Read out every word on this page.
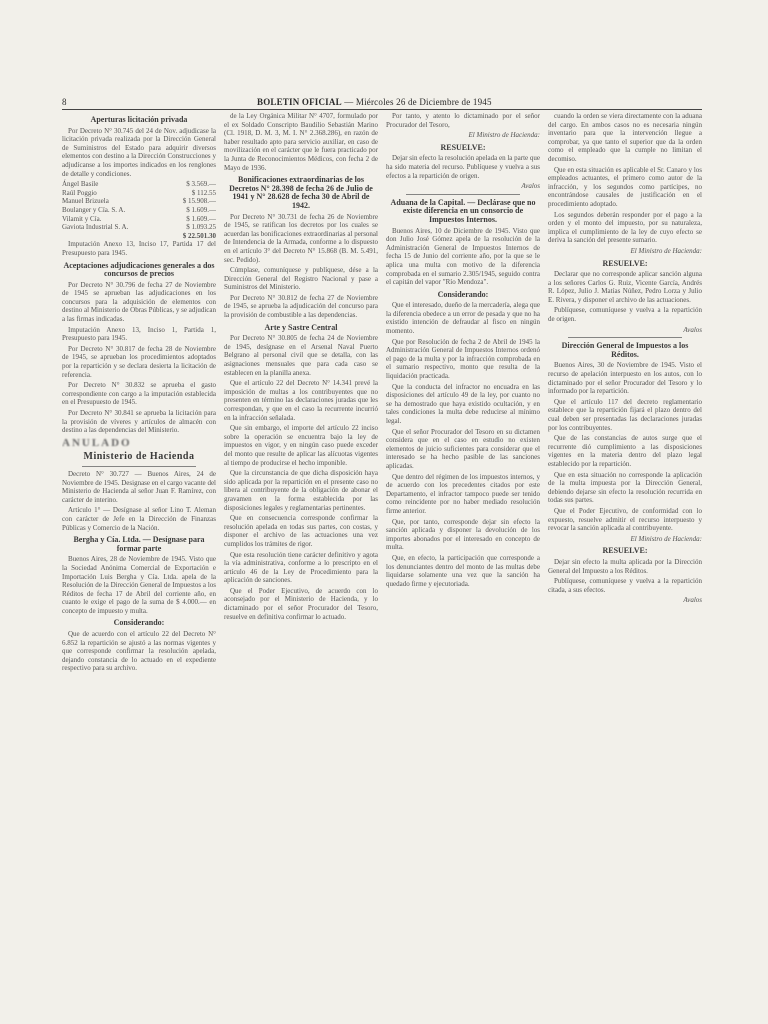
8	BOLETIN OFICIAL — Miércoles 26 de Diciembre de 1945
Aperturas licitación privada

Por Decreto N° 30.745 del 24 de Nov. adjudicase la licitación privada realizada por la Dirección General de Suministros del Estado para adquirir diversos elementos con destino a la Dirección Construcciones y adjudícanse a los importes indicados en los renglones de detalle y condiciones.

Ángel Basile	$ 3.569.—
Raúl Poggio	$ 112.55
Manuel Brizuela	$ 15.908.—
Boulanger y Cía. S. A.	$ 1.609.—
Vilamit y Cía.	$ 1.609.—
Gaviota Industrial S. A.	$ 1.093.25
$ 22.501.30

Imputación Anexo 13, Inciso 17, Partida 17 del Presupuesto para 1945.

Aceptaciones adjudicaciones generales a dos concursos de precios

Por Decreto N° 30.796 de fecha 27 de Noviembre de 1945 se aprueban las adjudicaciones en los concursos para la adquisición de elementos con destino al Ministerio de Obras Públicas, y se adjudican a las firmas indicadas.

Imputación Anexo 13, Inciso 1, Partida 1, Presupuesto para 1945.

Por Decreto N° 30.817 de fecha 28 de Noviembre de 1945, se aprueban los procedimientos adoptados por la repartición y se declara desierta la licitación de referencia.

Por Decreto N° 30.832 se aprueba el gasto correspondiente con cargo a la imputación establecida en el Presupuesto de 1945.

Por Decreto N° 30.841 se aprueba la licitación para la provisión de víveres y artículos de almacén con destino a las dependencias del Ministerio.

ANULADO
Ministerio de Hacienda

Decreto N° 30.727 — Buenos Aires, 24 de Noviembre de 1945. Designase en el cargo vacante del Ministerio de Hacienda al señor Juan F. Ramírez, con carácter de interino.

Artículo 1° — Desígnase al señor Lino T. Aleman con carácter de Jefe en la Dirección de Finanzas Públicas y Comercio de la Nación.

Bergha y Cía. Ltda. — Desígnase para formar parte

Buenos Aires, 28 de Noviembre de 1945. Visto que la Sociedad Anónima Comercial de Exportación e Importación Luis Bergha y Cía. Ltda. apela de la Resolución de la Dirección General de Impuestos a los Réditos de fecha 17 de Abril del corriente año, en cuanto le exige el pago de la suma de $ 4.000.— en concepto de impuesto y multa.

Considerando:

Que de acuerdo con el artículo 22 del Decreto N° 6.852 la repartición se ajustó a las normas vigentes y que corresponde confirmar la resolución apelada, dejando constancia de lo actuado en el expediente respectivo para su archivo.

de la Ley Orgánica Militar N° 4707, formulado por el ex Soldado Conscripto Baudilio Sebastián Marino (Cl. 1918, D. M. 3, M. I. N° 2.368.286), en razón de haber resultado apto para servicio auxiliar, en caso de movilización en el carácter que le fuera practicado por la Junta de Reconocimientos Médicos, con fecha 2 de Mayo de 1936.

Bonificaciones extraordinarias de los Decretos N° 28.398 de fecha 26 de Julio de 1941 y N° 28.628 de fecha 30 de Abril de 1942.

Por Decreto N° 30.731 de fecha 26 de Noviembre de 1945, se ratifican los decretos por los cuales se acuerdan las bonificaciones extraordinarias al personal de Intendencia de la Armada, conforme a lo dispuesto en el artículo 3° del Decreto N° 15.868 (B. M. 5.491, sec. Pedido).

Cúmplase, comuníquese y publíquese, dése a la Dirección General del Registro Nacional y pase a Suministros del Ministerio.

Por Decreto N° 30.812 de fecha 27 de Noviembre de 1945, se aprueba la adjudicación del concurso para la provisión de combustible a las dependencias.

Arte y Sastre Central

Por Decreto N° 30.805 de fecha 24 de Noviembre de 1945, desígnase en el Arsenal Naval Puerto Belgrano al personal civil que se detalla, con las asignaciones mensuales que para cada caso se establecen en la planilla anexa.

Que el artículo 22 del Decreto N° 14.341 prevé la imposición de multas a los contribuyentes que no presenten en término las declaraciones juradas que les correspondan, y que en el caso la recurrente incurrió en la infracción señalada.

Que sin embargo, el importe del artículo 22 inciso sobre la operación se encuentra bajo la ley de impuestos en vigor, y en ningún caso puede exceder del monto que resulte de aplicar las alícuotas vigentes al tiempo de producirse el hecho imponible.

Que la circunstancia de que dicha disposición haya sido aplicada por la repartición en el presente caso no libera al contribuyente de la obligación de abonar el gravamen en la forma establecida por las disposiciones legales y reglamentarias pertinentes.

Que en consecuencia corresponde confirmar la resolución apelada en todas sus partes, con costas, y disponer el archivo de las actuaciones una vez cumplidos los trámites de rigor.

Que esta resolución tiene carácter definitivo y agota la vía administrativa, conforme a lo prescripto en el artículo 46 de la Ley de Procedimiento para la aplicación de sanciones.

Que el Poder Ejecutivo, de acuerdo con lo aconsejado por el Ministerio de Hacienda, y lo dictaminado por el señor Procurador del Tesoro, resuelve en definitiva confirmar lo actuado.

Por tanto, y atento lo dictaminado por el señor Procurador del Tesoro,

El Ministro de Hacienda:
RESUELVE:

Dejar sin efecto la resolución apelada en la parte que ha sido materia del recurso. Publíquese y vuelva a sus efectos a la repartición de origen.

Avalos
Aduana de la Capital. — Declárase que no existe diferencia en un consorcio de Impuestos Internos.

Buenos Aires, 10 de Diciembre de 1945. Visto que don Julio José Gómez apela de la resolución de la Administración General de Impuestos Internos de fecha 15 de Junio del corriente año, por la que se le aplica una multa con motivo de la diferencia comprobada en el sumario 2.305/1945, seguido contra el capitán del vapor "Río Mendoza".

Considerando:

Que el interesado, dueño de la mercadería, alega que la diferencia obedece a un error de pesada y que no ha existido intención de defraudar al fisco en ningún momento.

Que por Resolución de fecha 2 de Abril de 1945 la Administración General de Impuestos Internos ordenó el pago de la multa y por la infracción comprobada en el sumario respectivo, monto que resulta de la liquidación practicada.

Que la conducta del infractor no encuadra en las disposiciones del artículo 49 de la ley, por cuanto no se ha demostrado que haya existido ocultación, y en tales condiciones la multa debe reducirse al mínimo legal.

Que el señor Procurador del Tesoro en su dictamen considera que en el caso en estudio no existen elementos de juicio suficientes para considerar que el interesado se ha hecho pasible de las sanciones aplicadas.

Que dentro del régimen de los impuestos internos, y de acuerdo con los precedentes citados por este Departamento, el infractor tampoco puede ser tenido como reincidente por no haber mediado resolución firme anterior.

Que, por tanto, corresponde dejar sin efecto la sanción aplicada y disponer la devolución de los importes abonados por el interesado en concepto de multa.

Que, en efecto, la participación que corresponde a los denunciantes dentro del monto de las multas debe liquidarse solamente una vez que la sanción ha quedado firme y ejecutoriada.

cuando la orden se viera directamente con la aduana del cargo. En ambos casos no es necesaria ningún inventario para que la intervención llegue a comprobar, ya que tanto el superior que da la orden como el empleado que la cumple no limitan el decomiso.

Que en esta situación es aplicable el Sr. Canaro y los empleados actuantes, el primero como autor de la infracción, y los segundos como partícipes, no encontrándose causales de justificación en el procedimiento adoptado.

Los segundos deberán responder por el pago a la orden y el monto del impuesto, por su naturaleza, implica el cumplimiento de la ley de cuyo efecto se deriva la sanción del presente sumario.

El Ministro de Hacienda:
RESUELVE:

Declarar que no corresponde aplicar sanción alguna a los señores Carlos G. Ruiz, Vicente García, Andrés R. López, Julio J. Matías Núñez, Pedro Lorza y Julio E. Rivera, y disponer el archivo de las actuaciones.

Publíquese, comuníquese y vuelva a la repartición de origen.

Avalos
Dirección General de Impuestos a los Réditos.

Buenos Aires, 30 de Noviembre de 1945. Visto el recurso de apelación interpuesto en los autos, con lo dictaminado por el señor Procurador del Tesoro y lo informado por la repartición.

Que el artículo 117 del decreto reglamentario establece que la repartición fijará el plazo dentro del cual deben ser presentadas las declaraciones juradas por los contribuyentes.

Que de las constancias de autos surge que el recurrente dió cumplimiento a las disposiciones vigentes en la materia dentro del plazo legal establecido por la repartición.

Que en esta situación no corresponde la aplicación de la multa impuesta por la Dirección General, debiendo dejarse sin efecto la resolución recurrida en todas sus partes.

Que el Poder Ejecutivo, de conformidad con lo expuesto, resuelve admitir el recurso interpuesto y revocar la sanción aplicada al contribuyente.

El Ministro de Hacienda:
RESUELVE:

Dejar sin efecto la multa aplicada por la Dirección General del Impuesto a los Réditos.

Publíquese, comuníquese y vuelva a la repartición citada, a sus efectos.

Avalos
